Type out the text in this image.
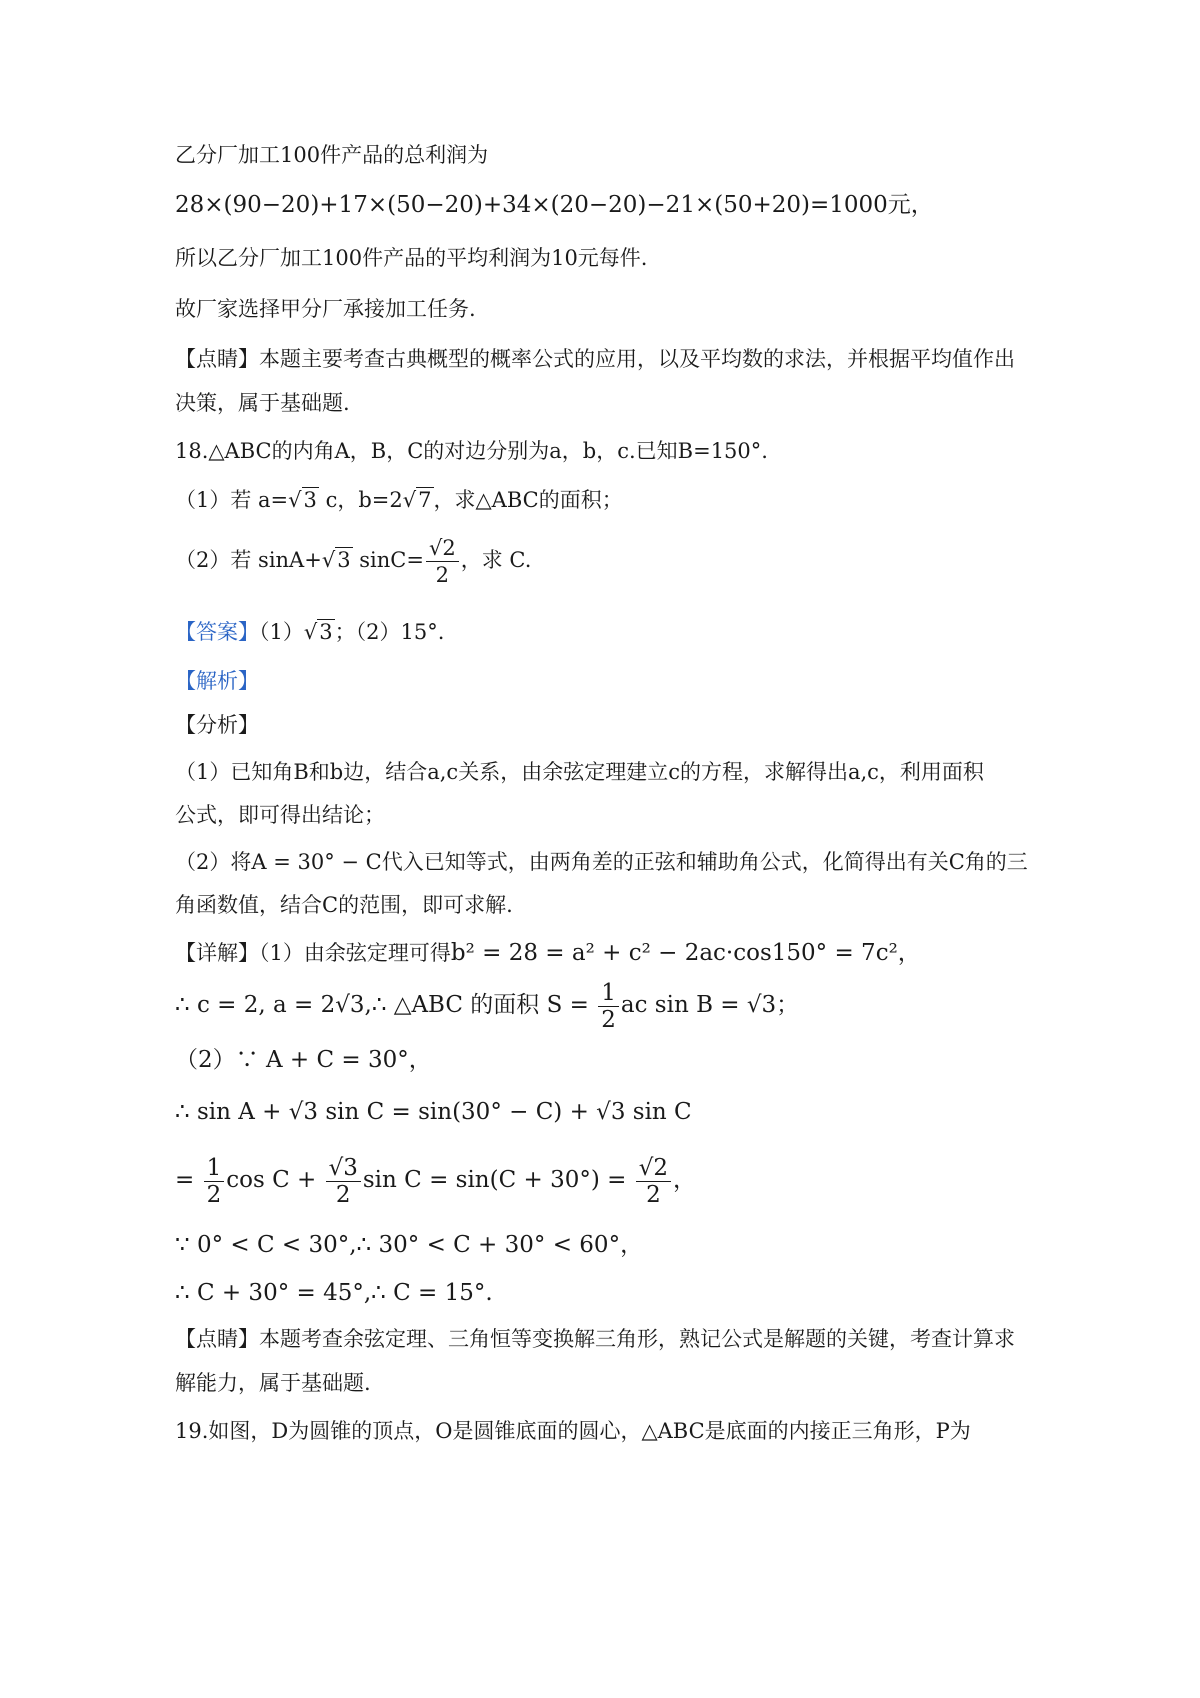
乙分厂加工100件产品的总利润为
28×(90−20)+17×(50−20)+34×(20−20)−21×(50+20)=1000元，
所以乙分厂加工100件产品的平均利润为10元每件.
故厂家选择甲分厂承接加工任务.
【点睛】本题主要考查古典概型的概率公式的应用，以及平均数的求法，并根据平均值作出
决策，属于基础题.
18.△ABC的内角A，B，C的对边分别为a，b，c.已知B=150°.
（1）若 a=√3 c，b=2√7，求△ABC的面积；
（2）若 sinA+√3 $\sin C= \frac{√2}{2}$ ，求 C.
【答案】（1）√3；（2）15°.
【解析】
【分析】
（1）已知角B和b边，结合a,c关系，由余弦定理建立c的方程，求解得出a,c，利用面积
公式，即可得出结论；
（2）将A = 30° − C代入已知等式，由两角差的正弦和辅助角公式，化简得出有关C角的三
角函数值，结合C的范围，即可求解.
【详解】（1）由余弦定理可得b² = 28 = a² + c² − 2ac·cos150° = 7c²，
∴ c = 2, a = 2√3,∴ △ABC 的面积 $S = \frac{1}{2}$ ac sin B = √3；
（2）∵ A + C = 30°，
∴ sin A + √3 sin C = sin(30° − C) + √3 sin C
= $\frac{1}{2}$ $\cos C + \frac{√3}{2}$ $\sin C = \sin(C + 30^\circ) = \frac{√2}{2}$ ，
∵ 0° < C < 30°,∴ 30° < C + 30° < 60°，
∴ C + 30° = 45°,∴ C = 15°.
【点睛】本题考查余弦定理、三角恒等变换解三角形，熟记公式是解题的关键，考查计算求
解能力，属于基础题.
19.如图，D为圆锥的顶点，O是圆锥底面的圆心，△ABC是底面的内接正三角形，P为
